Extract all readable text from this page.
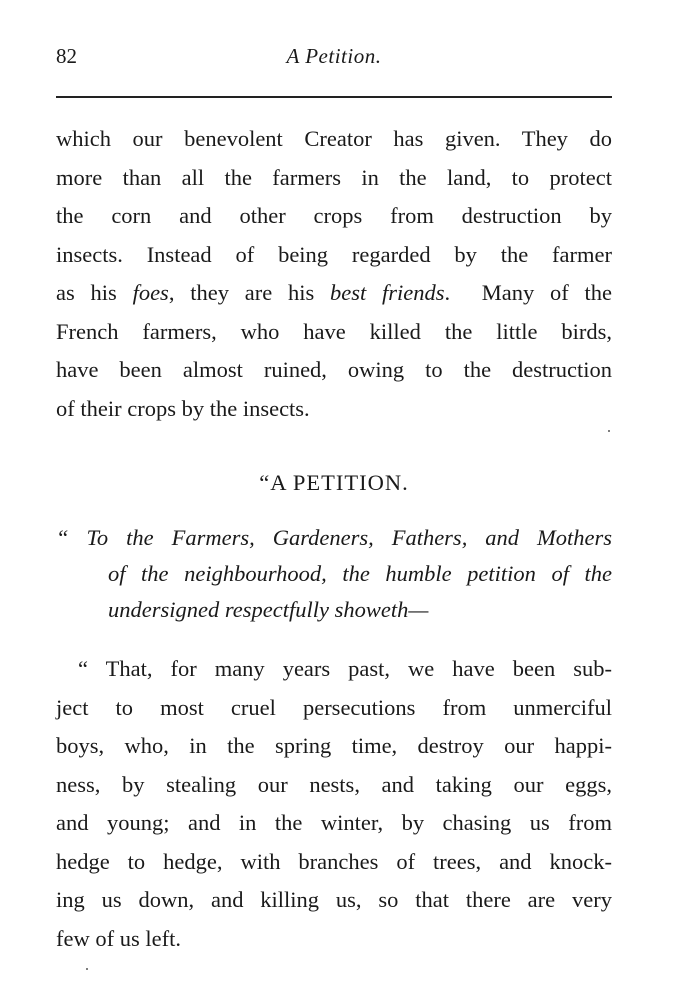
82	A Petition.
which our benevolent Creator has given. They do
more than all the farmers in the land, to protect
the corn and other crops from destruction by
insects. Instead of being regarded by the farmer
as his foes, they are his best friends.  Many of the
French farmers, who have killed the little birds,
have been almost ruined, owing to the destruction
of their crops by the insects.
“A PETITION.
“ To the Farmers, Gardeners, Fathers, and Mothers
of the neighbourhood, the humble petition of the
undersigned respectfully showeth—
“ That, for many years past, we have been sub-
ject to most cruel persecutions from unmerciful
boys, who, in the spring time, destroy our happi-
ness, by stealing our nests, and taking our eggs,
and young; and in the winter, by chasing us from
hedge to hedge, with branches of trees, and knock-
ing us down, and killing us, so that there are very
few of us left.
